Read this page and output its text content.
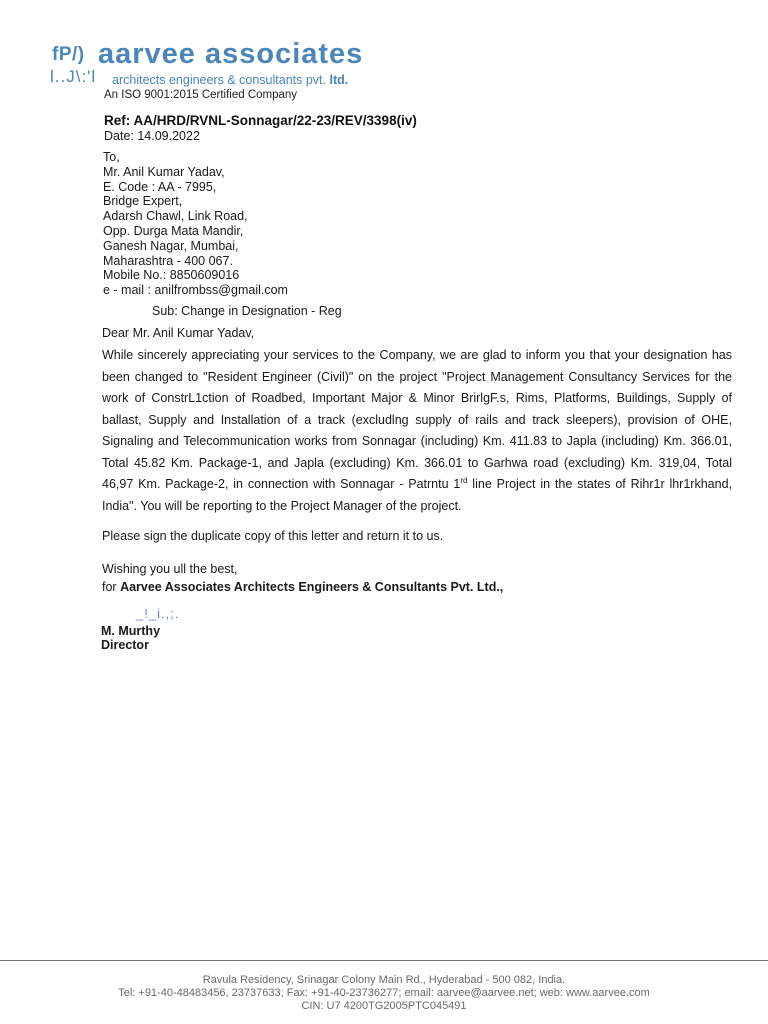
fP/) aarvee associates
l..J\:'l architects engineers & consultants pvt. ltd.
An ISO 9001:2015 Certified Company
Ref: AA/HRD/RVNL-Sonnagar/22-23/REV/3398(iv)
Date: 14.09.2022
To,
Mr. Anil Kumar Yadav,
E. Code : AA - 7995,
Bridge Expert,
Adarsh Chawl, Link Road,
Opp. Durga Mata Mandir,
Ganesh Nagar, Mumbai,
Maharashtra - 400 067.
Mobile No.: 8850609016
e - mail : anilfrombss@gmail.com
Sub: Change in Designation - Reg
Dear Mr. Anil Kumar Yadav,
While sincerely appreciating your services to the Company, we are glad to inform you that your designation has been changed to "Resident Engineer (Civil)" on the project "Project Management Consultancy Services for the work of ConstrL1ction of Roadbed, Important Major & Minor BrirlgF.s, Rims, Platforms, Buildings, Supply of ballast, Supply and Installation of a track (excludlng supply of rails and track sleepers), provision of OHE, Signaling and Telecommunication works from Sonnagar (including) Km. 411.83 to Japla (including) Km. 366.01, Total 45.82 Km. Package-1, and Japla (excluding) Km. 366.01 to Garhwa road (excluding) Km. 319,04, Total 46,97 Km. Package-2, in connection with Sonnagar - Patrntu 1rd line Project in the states of Rihr1r lhr1rkhand, India". You will be reporting to the Project Manager of the project.
Please sign the duplicate copy of this letter and return it to us.
Wishing you ull the best,
for Aarvee Associates Architects Engineers & Consultants Pvt. Ltd.,
_!_i.,;.
M. Murthy
Director
Ravula Residency, Srinagar Colony Main Rd., Hyderabad - 500 082, India.
Tel: +91-40-48483456, 23737633; Fax: +91-40-23736277; email: aarvee@aarvee.net; web: www.aarvee.com
CIN: U7 4200TG2005PTC045491
